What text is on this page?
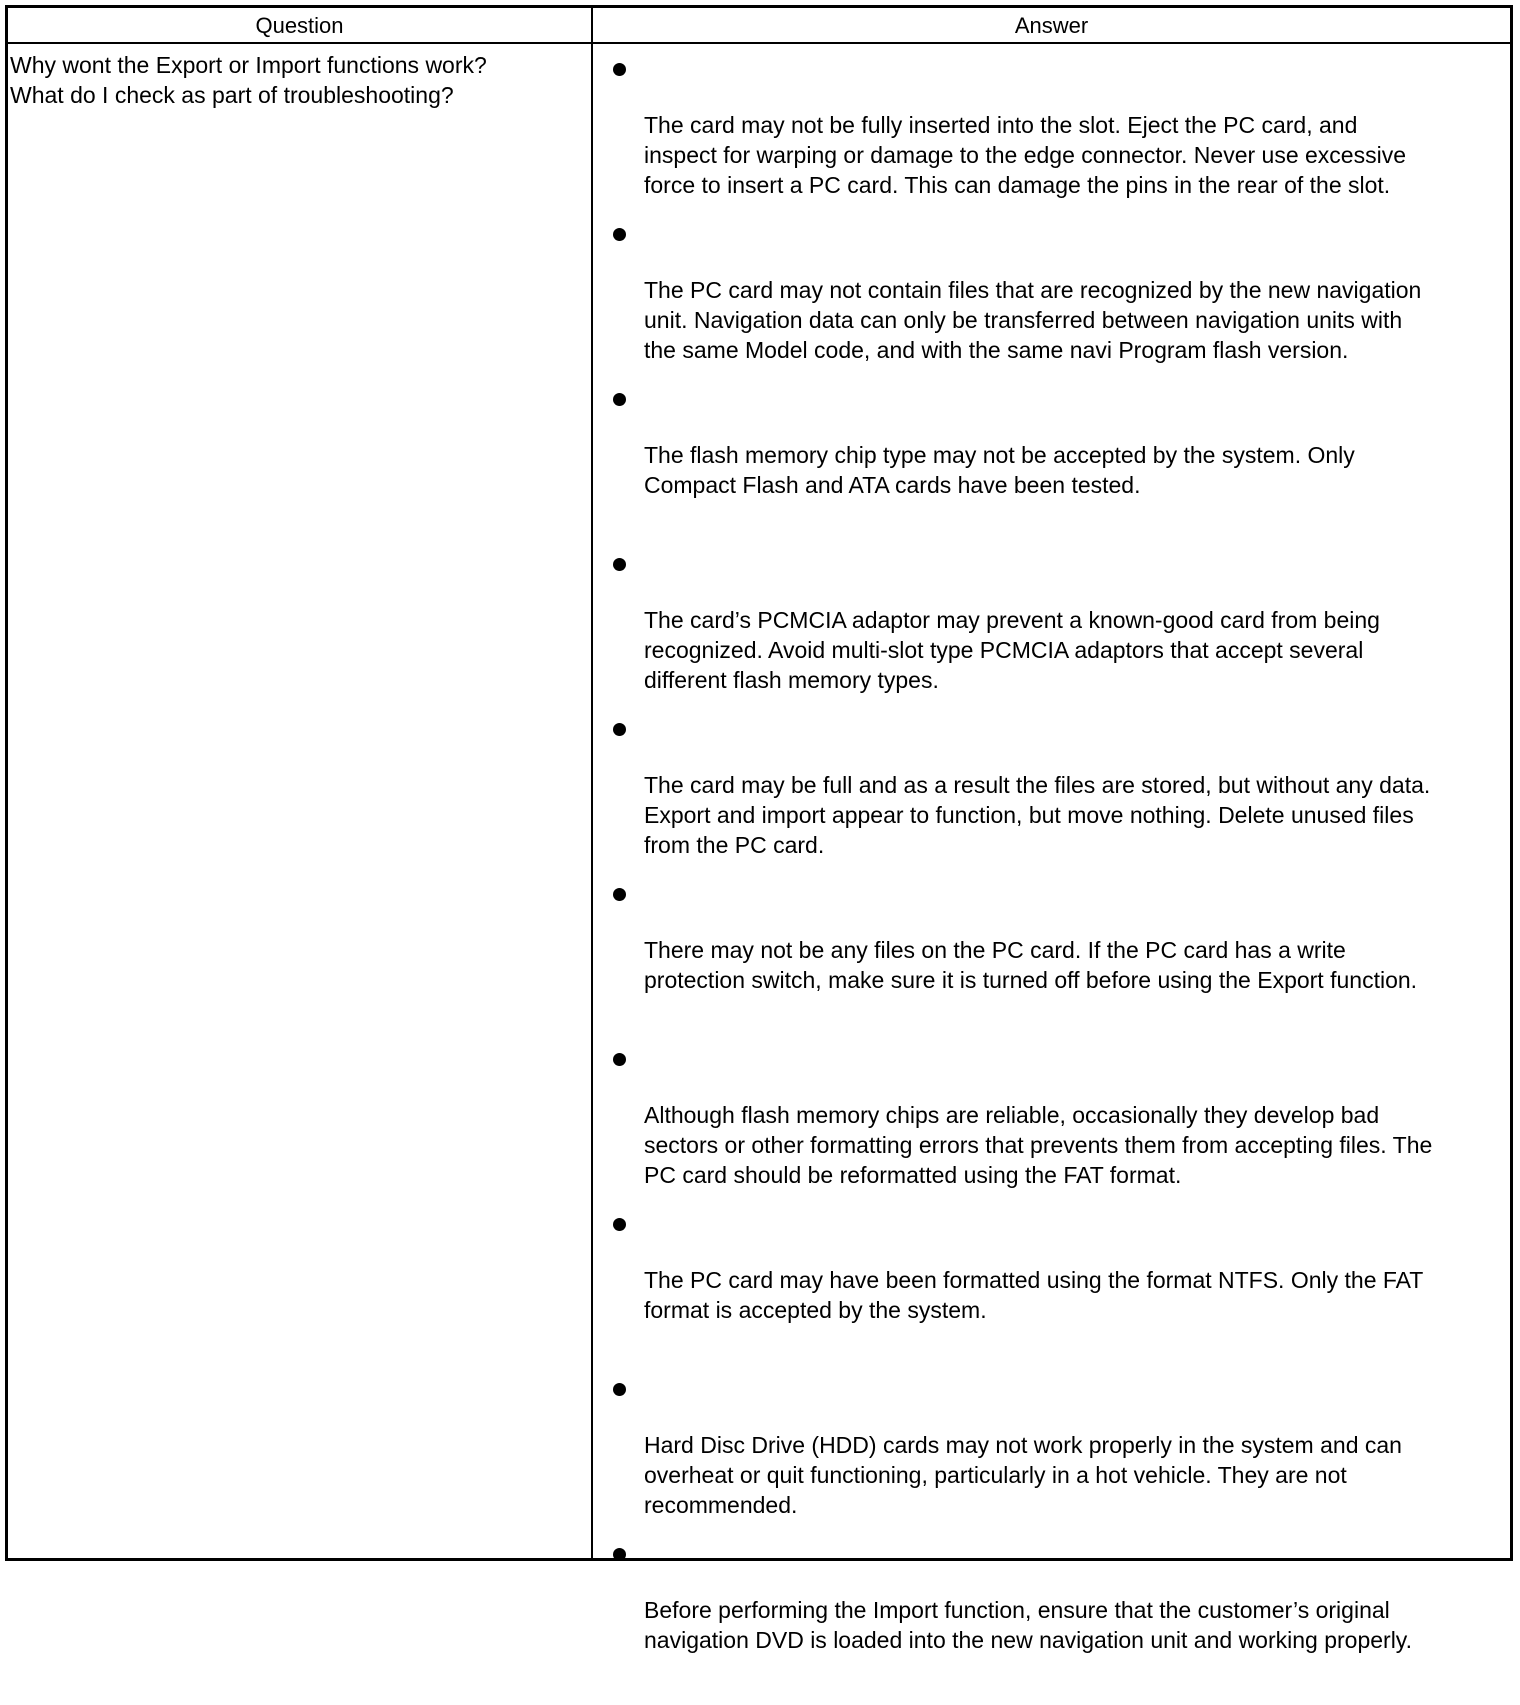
Question	Answer
Why wont the Export or Import functions work?
What do I check as part of troubleshooting?
The card may not be fully inserted into the slot. Eject the PC card, and
inspect for warping or damage to the edge connector. Never use excessive
force to insert a PC card. This can damage the pins in the rear of the slot.
The PC card may not contain files that are recognized by the new navigation
unit. Navigation data can only be transferred between navigation units with
the same Model code, and with the same navi Program flash version.
The flash memory chip type may not be accepted by the system. Only
Compact Flash and ATA cards have been tested.
The card’s PCMCIA adaptor may prevent a known-good card from being
recognized. Avoid multi-slot type PCMCIA adaptors that accept several
different flash memory types.
The card may be full and as a result the files are stored, but without any data.
Export and import appear to function, but move nothing. Delete unused files
from the PC card.
There may not be any files on the PC card. If the PC card has a write
protection switch, make sure it is turned off before using the Export function.
Although flash memory chips are reliable, occasionally they develop bad
sectors or other formatting errors that prevents them from accepting files. The
PC card should be reformatted using the FAT format.
The PC card may have been formatted using the format NTFS. Only the FAT
format is accepted by the system.
Hard Disc Drive (HDD) cards may not work properly in the system and can
overheat or quit functioning, particularly in a hot vehicle. They are not
recommended.
Before performing the Import function, ensure that the customer’s original
navigation DVD is loaded into the new navigation unit and working properly.
